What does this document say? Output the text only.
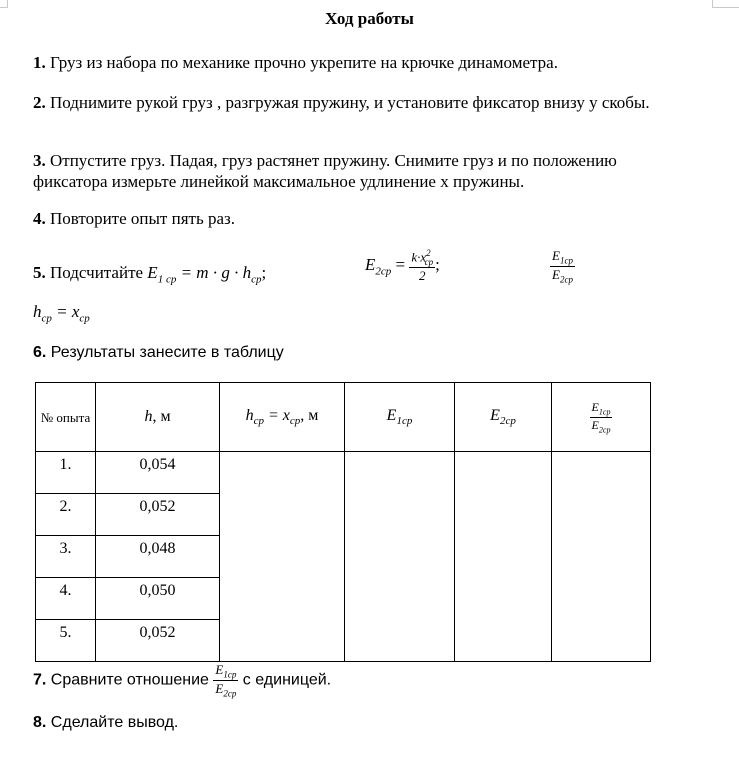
Ход работы
1. Груз из набора по механике прочно укрепите на крючке динамометра.
2. Поднимите рукой груз , разгружая пружину, и установите фиксатор внизу у скобы.
3. Отпустите груз. Падая, груз растянет пружину. Снимите груз и по положению фиксатора измерьте линейкой максимальное удлинение x пружины.
4. Повторите опыт пять раз.
5. Подсчитайте $E_{1 ср} = m \cdot g \cdot h_{ср}$;	$E_{2ср} = \frac{k\cdot x^2_{ср}}{2}$ ;	$\frac{E_{1ср}}{E_{2ср}}$
$h_{ср} = x_{ср}$
6. Результаты занесите в таблицу
№ опыта	h, м	$h_{ср} = x_{ср}$, м	$E_{1ср}$	$E_{2ср}$	$\frac{E_{1ср}}{E_{2ср}}$

1.	0,054				
2.	0,052				
3.	0,048				
4.	0,050				
5.	0,052				
7. Сравните отношение $\frac{E_{1ср}}{E_{2ср}}$ с единицей.
8. Сделайте вывод.
